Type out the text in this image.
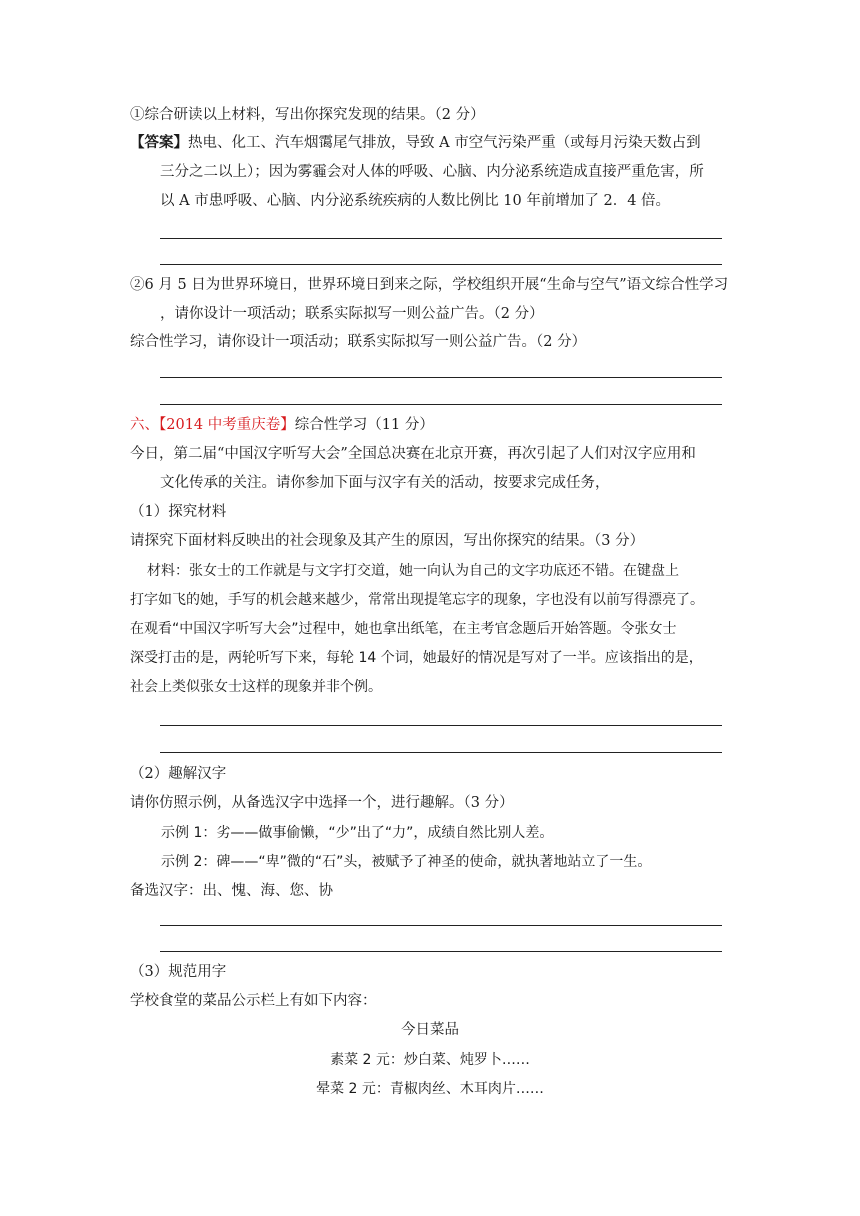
①综合研读以上材料，写出你探究发现的结果。（2 分）
【答案】热电、化工、汽车烟霭尾气排放，导致 A 市空气污染严重（或每月污染天数占到
三分之二以上）；因为雾霾会对人体的呼吸、心脑、内分泌系统造成直接严重危害，所
以 A 市患呼吸、心脑、内分泌系统疾病的人数比例比 10 年前增加了 2．4 倍。
②6 月 5 日为世界环境日，世界环境日到来之际，学校组织开展“生命与空气”语文综合性学习
，请你设计一项活动；联系实际拟写一则公益广告。（2 分）
综合性学习，请你设计一项活动；联系实际拟写一则公益广告。（2 分）
六、【2014 中考重庆卷】综合性学习（11 分）
今日，第二届“中国汉字听写大会”全国总决赛在北京开赛，再次引起了人们对汉字应用和
文化传承的关注。请你参加下面与汉字有关的活动，按要求完成任务，
（1）探究材料
请探究下面材料反映出的社会现象及其产生的原因，写出你探究的结果。（3 分）
材料：张女士的工作就是与文字打交道，她一向认为自己的文字功底还不错。在键盘上
打字如飞的她，手写的机会越来越少，常常出现提笔忘字的现象，字也没有以前写得漂亮了。
在观看“中国汉字听写大会”过程中，她也拿出纸笔，在主考官念题后开始答题。令张女士
深受打击的是，两轮听写下来，每轮 14 个词，她最好的情况是写对了一半。应该指出的是，
社会上类似张女士这样的现象并非个例。
（2）趣解汉字
请你仿照示例，从备选汉字中选择一个，进行趣解。（3 分）
示例 1：劣——做事偷懒，“少”出了“力”，成绩自然比别人差。
示例 2：碑——“卑”微的“石”头，被赋予了神圣的使命，就执著地站立了一生。
备选汉字：出、愧、海、您、协
（3）规范用字
学校食堂的菜品公示栏上有如下内容：
今日菜品
素菜 2 元：炒白菜、炖罗卜……
晕菜 2 元：青椒肉丝、木耳肉片……
